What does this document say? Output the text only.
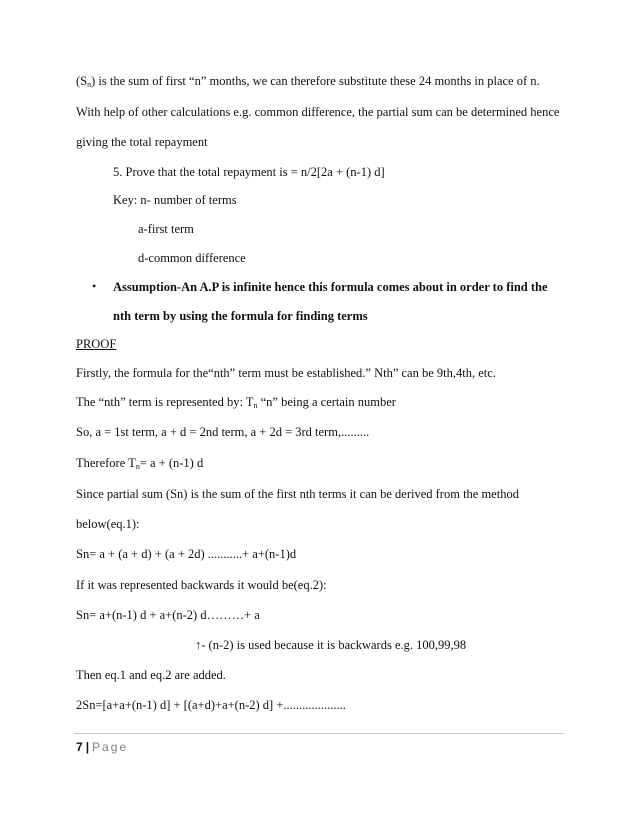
$(S_n)$ is the sum of first “n” months, we can therefore substitute these 24 months in place of n.
With help of other calculations e.g. common difference, the partial sum can be determined hence
giving the total repayment
5. Prove that the total repayment is = n/2[2a + (n-1) d]
Key: n- number of terms
a-first term
d-common difference
• Assumption-An A.P is infinite hence this formula comes about in order to find the
nth term by using the formula for finding terms
PROOF
Firstly, the formula for the“nth” term must be established.” Nth” can be 9th,4th, etc.
The “nth” term is represented by: $T_n$ “n” being a certain number
So, a = 1st term, a + d = 2nd term, a + 2d = 3rd term,.........
Therefore $T_n= a + (n-1)$ d
Since partial sum (Sn) is the sum of the first nth terms it can be derived from the method
below(eq.1):
Sn= a + (a + d) + (a + 2d) ...........+ a+(n-1)d
If it was represented backwards it would be(eq.2):
Sn= a+(n-1) d + a+(n-2) d………+ a
↑- (n-2) is used because it is backwards e.g. 100,99,98
Then eq.1 and eq.2 are added.
2Sn=[a+a+(n-1) d] + [(a+d)+a+(n-2) d] +....................
7 | Page
